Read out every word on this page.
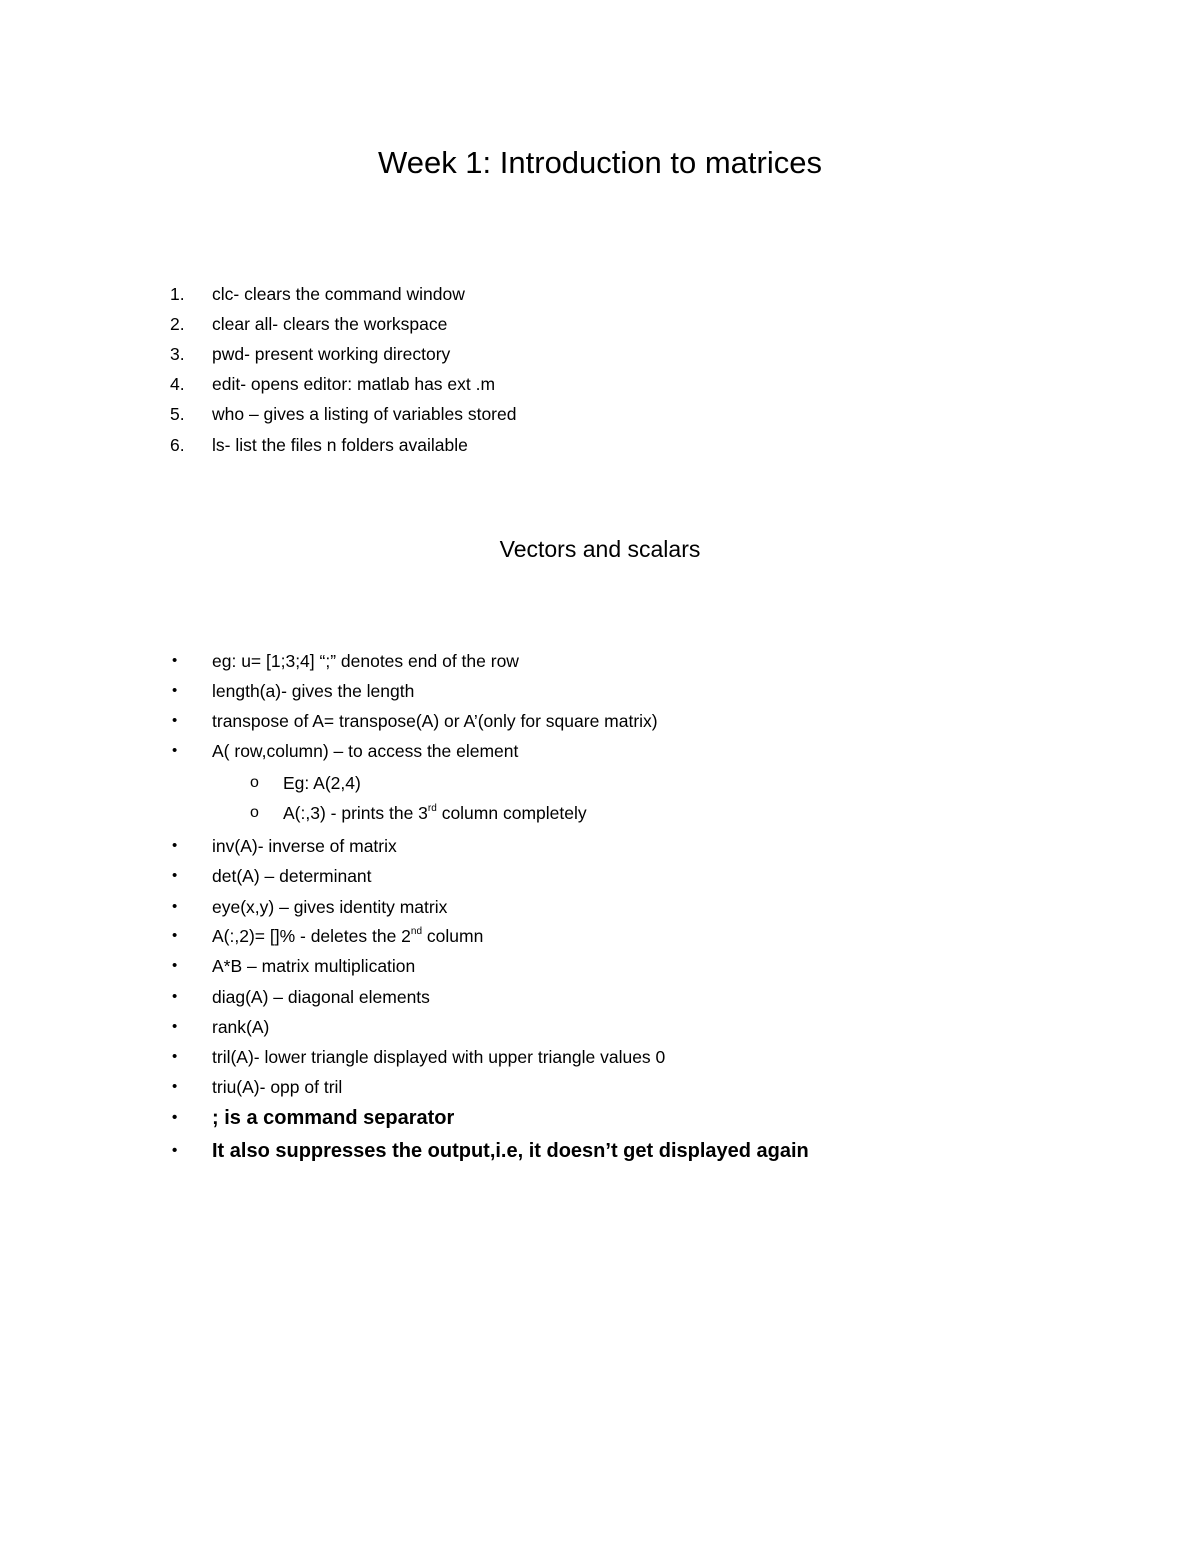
Week 1: Introduction to matrices
1.	clc- clears the command window
2.	clear all- clears the workspace
3.	pwd- present working directory
4.	edit- opens editor: matlab has ext .m
5.	who – gives a listing of variables stored
6.	ls- list the files n folders available
Vectors and scalars
• eg: u= [1;3;4] “;” denotes end of the row
• length(a)- gives the length
• transpose of A= transpose(A) or A’(only for square matrix)
• A( row,column) – to access the element
o Eg: A(2,4)
o A(:,3) - prints the 3rd column completely
• inv(A)- inverse of matrix
• det(A) – determinant
• eye(x,y) – gives identity matrix
• A(:,2)= []% - deletes the 2nd column
• A*B – matrix multiplication
• diag(A) – diagonal elements
• rank(A)
• tril(A)- lower triangle displayed with upper triangle values 0
• triu(A)- opp of tril
• ; is a command separator
• It also suppresses the output,i.e, it doesn’t get displayed again
